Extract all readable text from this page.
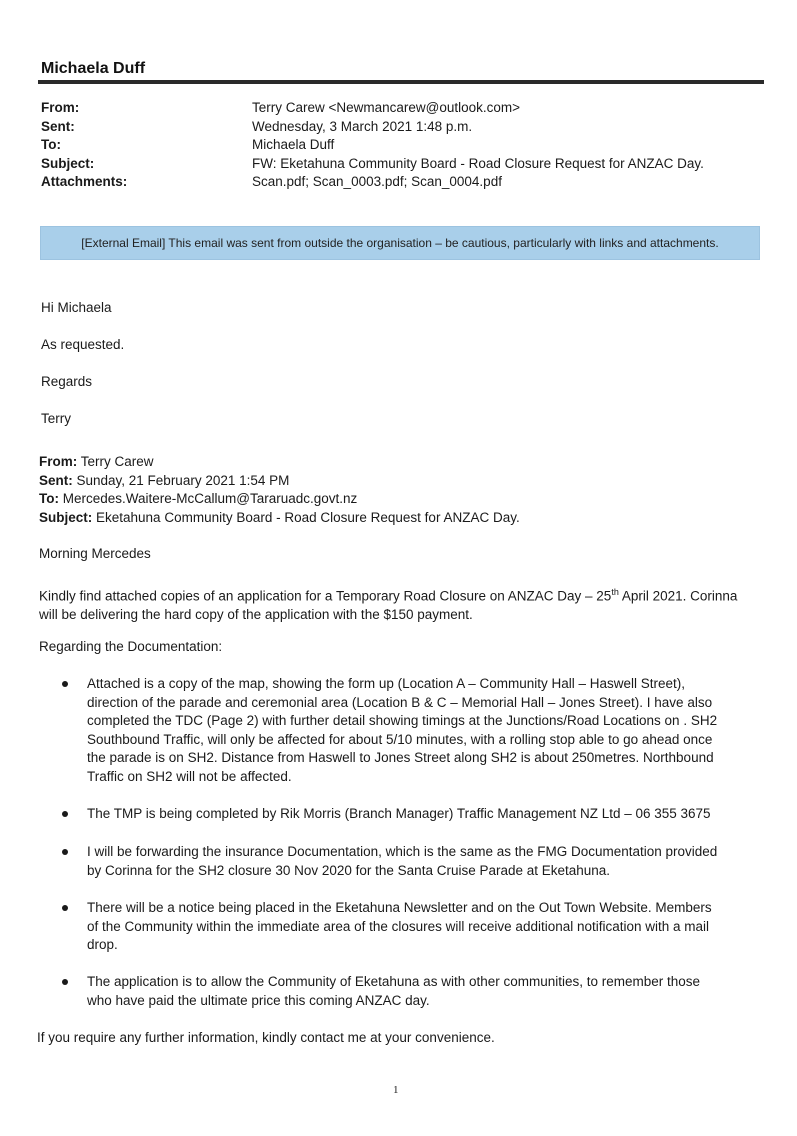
Michaela Duff
From:	Terry Carew <Newmancarew@outlook.com>
Sent:	Wednesday, 3 March 2021 1:48 p.m.
To:	Michaela Duff
Subject:	FW: Eketahuna Community Board - Road Closure Request for ANZAC Day.
Attachments:	Scan.pdf; Scan_0003.pdf; Scan_0004.pdf
[External Email] This email was sent from outside the organisation – be cautious, particularly with links and attachments.
Hi Michaela
As requested.
Regards
Terry
From: Terry Carew
Sent: Sunday, 21 February 2021 1:54 PM
To: Mercedes.Waitere-McCallum@Tararuadc.govt.nz
Subject: Eketahuna Community Board - Road Closure Request for ANZAC Day.
Morning Mercedes
Kindly find attached copies of an application for a Temporary Road Closure on ANZAC Day – 25th April 2021. Corinna
will be delivering the hard copy of the application with the $150 payment.
Regarding the Documentation:
Attached is a copy of the map, showing the form up (Location A – Community Hall – Haswell Street),
direction of the parade and ceremonial area (Location B & C – Memorial Hall – Jones Street). I have also
completed the TDC (Page 2) with further detail showing timings at the Junctions/Road Locations on . SH2
Southbound Traffic, will only be affected for about 5/10 minutes, with a rolling stop able to go ahead once
the parade is on SH2. Distance from Haswell to Jones Street along SH2 is about 250metres. Northbound
Traffic on SH2 will not be affected.
The TMP is being completed by Rik Morris (Branch Manager) Traffic Management NZ Ltd – 06 355 3675
I will be forwarding the insurance Documentation, which is the same as the FMG Documentation provided
by Corinna for the SH2 closure 30 Nov 2020 for the Santa Cruise Parade at Eketahuna.
There will be a notice being placed in the Eketahuna Newsletter and on the Out Town Website. Members
of the Community within the immediate area of the closures will receive additional notification with a mail
drop.
The application is to allow the Community of Eketahuna as with other communities, to remember those
who have paid the ultimate price this coming ANZAC day.
If you require any further information, kindly contact me at your convenience.
1
